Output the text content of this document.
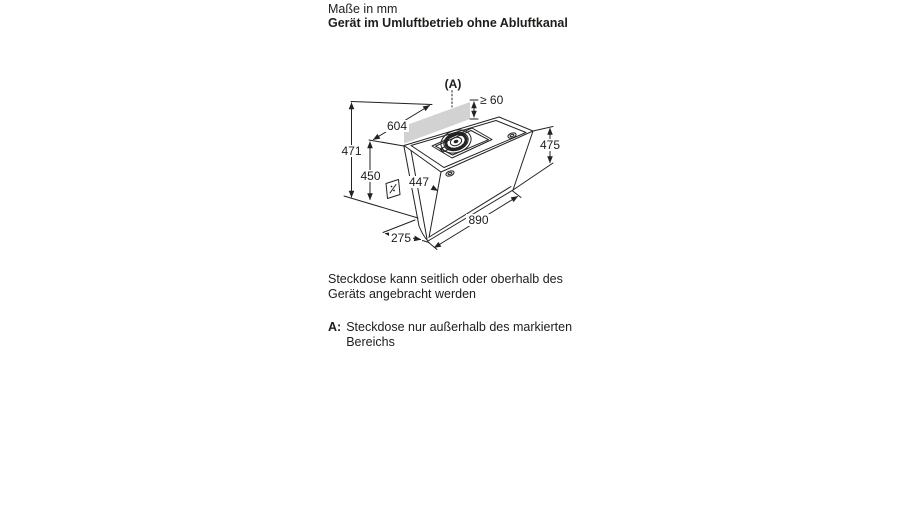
Maße in mm
Gerät im Umluftbetrieb ohne Abluftkanal
(A)
≥ 60
604
471
450 447
475
890
275
Steckdose kann seitlich oder oberhalb des
Geräts angebracht werden
A: Steckdose nur außerhalb des markierten
Bereichs
